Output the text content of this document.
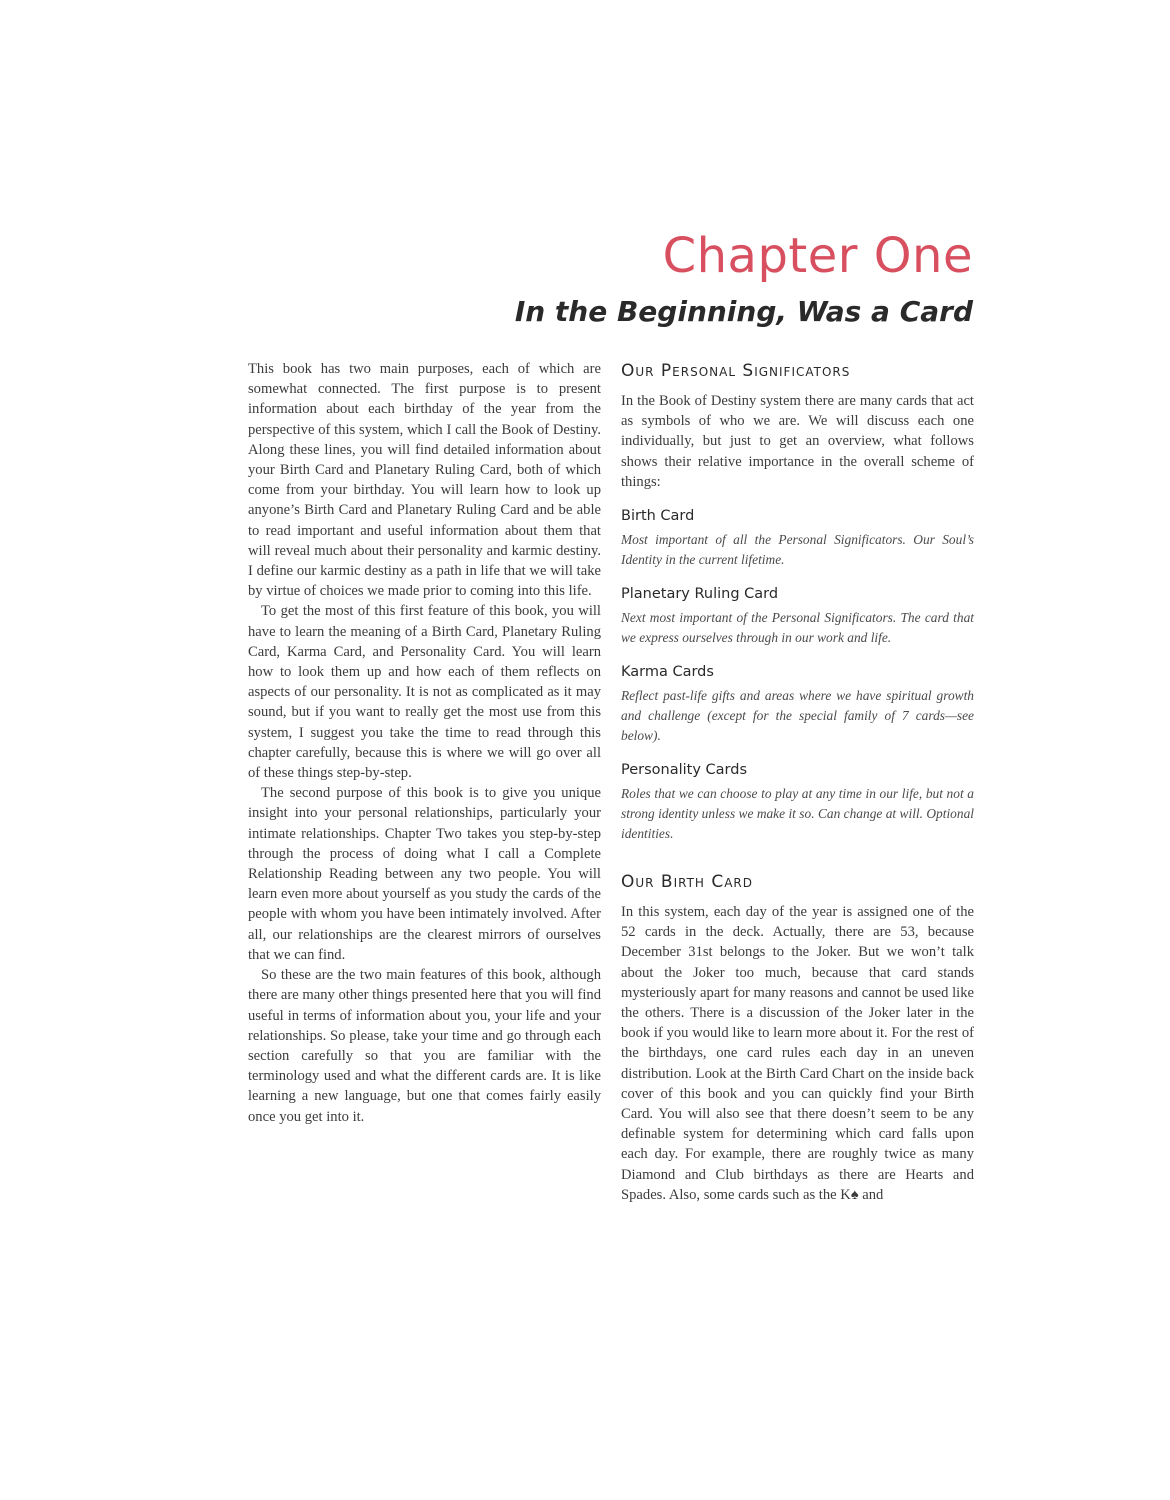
Chapter One
In the Beginning, Was a Card

This book has two main purposes, each of which are somewhat connected. The first purpose is to present information about each birthday of the year from the perspective of this system, which I call the Book of Destiny. Along these lines, you will find detailed information about your Birth Card and Planetary Ruling Card, both of which come from your birthday. You will learn how to look up anyone’s Birth Card and Planetary Ruling Card and be able to read important and useful information about them that will reveal much about their personality and karmic destiny. I define our karmic destiny as a path in life that we will take by virtue of choices we made prior to coming into this life.

To get the most of this first feature of this book, you will have to learn the meaning of a Birth Card, Planetary Ruling Card, Karma Card, and Personality Card. You will learn how to look them up and how each of them reflects on aspects of our personality. It is not as complicated as it may sound, but if you want to really get the most use from this system, I suggest you take the time to read through this chapter carefully, because this is where we will go over all of these things step-by-step.

The second purpose of this book is to give you unique insight into your personal relationships, particularly your intimate relationships. Chapter Two takes you step-by-step through the process of doing what I call a Complete Relationship Reading between any two people. You will learn even more about yourself as you study the cards of the people with whom you have been intimately involved. After all, our relationships are the clearest mirrors of ourselves that we can find.

So these are the two main features of this book, although there are many other things presented here that you will find useful in terms of information about you, your life and your relationships. So please, take your time and go through each section carefully so that you are familiar with the terminology used and what the different cards are. It is like learning a new language, but one that comes fairly easily once you get into it.

Our Personal Significators

In the Book of Destiny system there are many cards that act as symbols of who we are. We will discuss each one individually, but just to get an overview, what follows shows their relative importance in the overall scheme of things:

Birth Card

Most important of all the Personal Significators. Our Soul’s Identity in the current lifetime.

Planetary Ruling Card

Next most important of the Personal Significators. The card that we express ourselves through in our work and life.

Karma Cards

Reflect past-life gifts and areas where we have spiritual growth and challenge (except for the special family of 7 cards—see below).

Personality Cards

Roles that we can choose to play at any time in our life, but not a strong identity unless we make it so. Can change at will. Optional identities.

Our Birth Card

In this system, each day of the year is assigned one of the 52 cards in the deck. Actually, there are 53, because December 31st belongs to the Joker. But we won’t talk about the Joker too much, because that card stands mysteriously apart for many reasons and cannot be used like the others. There is a discussion of the Joker later in the book if you would like to learn more about it. For the rest of the birthdays, one card rules each day in an uneven distribution. Look at the Birth Card Chart on the inside back cover of this book and you can quickly find your Birth Card. You will also see that there doesn’t seem to be any definable system for determining which card falls upon each day. For example, there are roughly twice as many Diamond and Club birthdays as there are Hearts and Spades. Also, some cards such as the K♠ and
